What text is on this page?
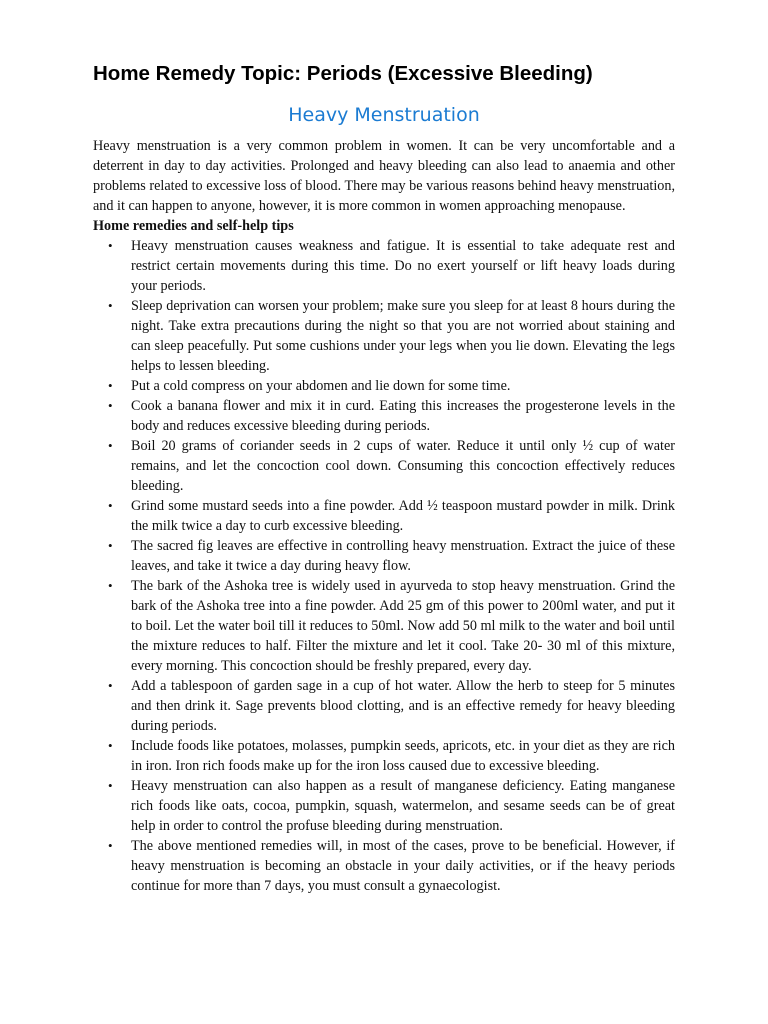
Home Remedy Topic: Periods (Excessive Bleeding)
Heavy Menstruation

Heavy menstruation is a very common problem in women. It can be very uncomfortable and a deterrent in day to day activities. Prolonged and heavy bleeding can also lead to anaemia and other problems related to excessive loss of blood. There may be various reasons behind heavy menstruation, and it can happen to anyone, however, it is more common in women approaching menopause.

Home remedies and self-help tips

•	Heavy menstruation causes weakness and fatigue. It is essential to take adequate rest and restrict certain movements during this time. Do no exert yourself or lift heavy loads during your periods.
•	Sleep deprivation can worsen your problem; make sure you sleep for at least 8 hours during the night. Take extra precautions during the night so that you are not worried about staining and can sleep peacefully. Put some cushions under your legs when you lie down. Elevating the legs helps to lessen bleeding.
•	Put a cold compress on your abdomen and lie down for some time.
•	Cook a banana flower and mix it in curd. Eating this increases the progesterone levels in the body and reduces excessive bleeding during periods.
•	Boil 20 grams of coriander seeds in 2 cups of water. Reduce it until only ½ cup of water remains, and let the concoction cool down. Consuming this concoction effectively reduces bleeding.
•	Grind some mustard seeds into a fine powder. Add ½ teaspoon mustard powder in milk. Drink the milk twice a day to curb excessive bleeding.
•	The sacred fig leaves are effective in controlling heavy menstruation. Extract the juice of these leaves, and take it twice a day during heavy flow.
•	The bark of the Ashoka tree is widely used in ayurveda to stop heavy menstruation. Grind the bark of the Ashoka tree into a fine powder. Add 25 gm of this power to 200ml water, and put it to boil. Let the water boil till it reduces to 50ml. Now add 50 ml milk to the water and boil until the mixture reduces to half. Filter the mixture and let it cool. Take 20- 30 ml of this mixture, every morning. This concoction should be freshly prepared, every day.
•	Add a tablespoon of garden sage in a cup of hot water. Allow the herb to steep for 5 minutes and then drink it. Sage prevents blood clotting, and is an effective remedy for heavy bleeding during periods.
•	Include foods like potatoes, molasses, pumpkin seeds, apricots, etc. in your diet as they are rich in iron. Iron rich foods make up for the iron loss caused due to excessive bleeding.
•	Heavy menstruation can also happen as a result of manganese deficiency. Eating manganese rich foods like oats, cocoa, pumpkin, squash, watermelon, and sesame seeds can be of great help in order to control the profuse bleeding during menstruation.
•	The above mentioned remedies will, in most of the cases, prove to be beneficial. However, if heavy menstruation is becoming an obstacle in your daily activities, or if the heavy periods continue for more than 7 days, you must consult a gynaecologist.
